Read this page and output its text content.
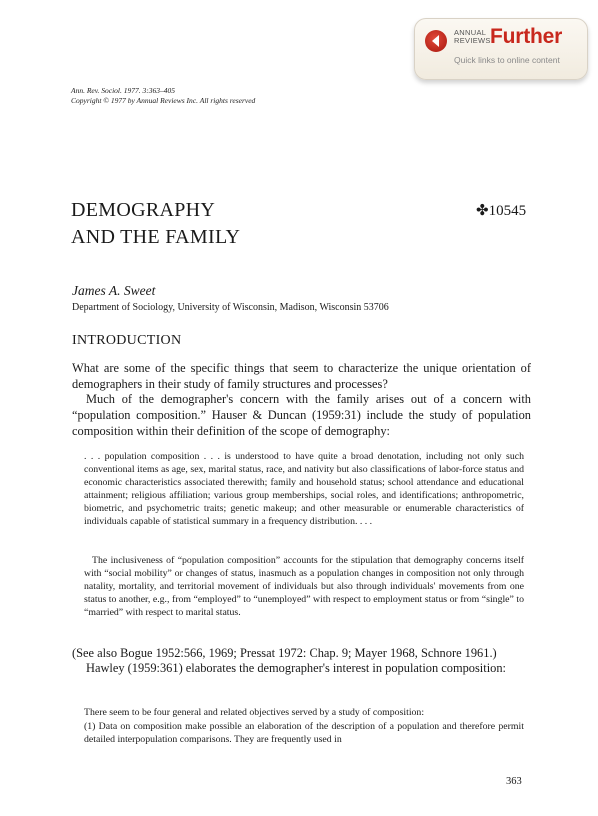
ANNUAL
REVIEWS Further
Quick links to online content
Ann. Rev. Sociol. 1977. 3:363–405
Copyright © 1977 by Annual Reviews Inc. All rights reserved
DEMOGRAPHY
AND THE FAMILY
✤10545
James A. Sweet
Department of Sociology, University of Wisconsin, Madison, Wisconsin 53706
INTRODUCTION
What are some of the specific things that seem to characterize the unique orientation of demographers in their study of family structures and processes?
Much of the demographer's concern with the family arises out of a concern with “population composition.” Hauser & Duncan (1959:31) include the study of population composition within their definition of the scope of demography:
. . . population composition . . . is understood to have quite a broad denotation, including not only such conventional items as age, sex, marital status, race, and nativity but also classifications of labor-force status and economic characteristics associated therewith; family and household status; school attendance and educational attainment; religious affiliation; various group memberships, social roles, and identifications; anthropometric, biometric, and psychometric traits; genetic makeup; and other measurable or enumerable characteristics of individuals capable of statistical summary in a frequency distribution. . . .
The inclusiveness of “population composition” accounts for the stipulation that demography concerns itself with “social mobility” or changes of status, inasmuch as a population changes in composition not only through natality, mortality, and territorial movement of individuals but also through individuals' movements from one status to another, e.g., from “employed” to “unemployed” with respect to employment status or from “single” to “married” with respect to marital status.
(See also Bogue 1952:566, 1969; Pressat 1972: Chap. 9; Mayer 1968, Schnore 1961.)
Hawley (1959:361) elaborates the demographer's interest in population composition:
There seem to be four general and related objectives served by a study of composition:
(1) Data on composition make possible an elaboration of the description of a population and therefore permit detailed interpopulation comparisons. They are frequently used in
363
